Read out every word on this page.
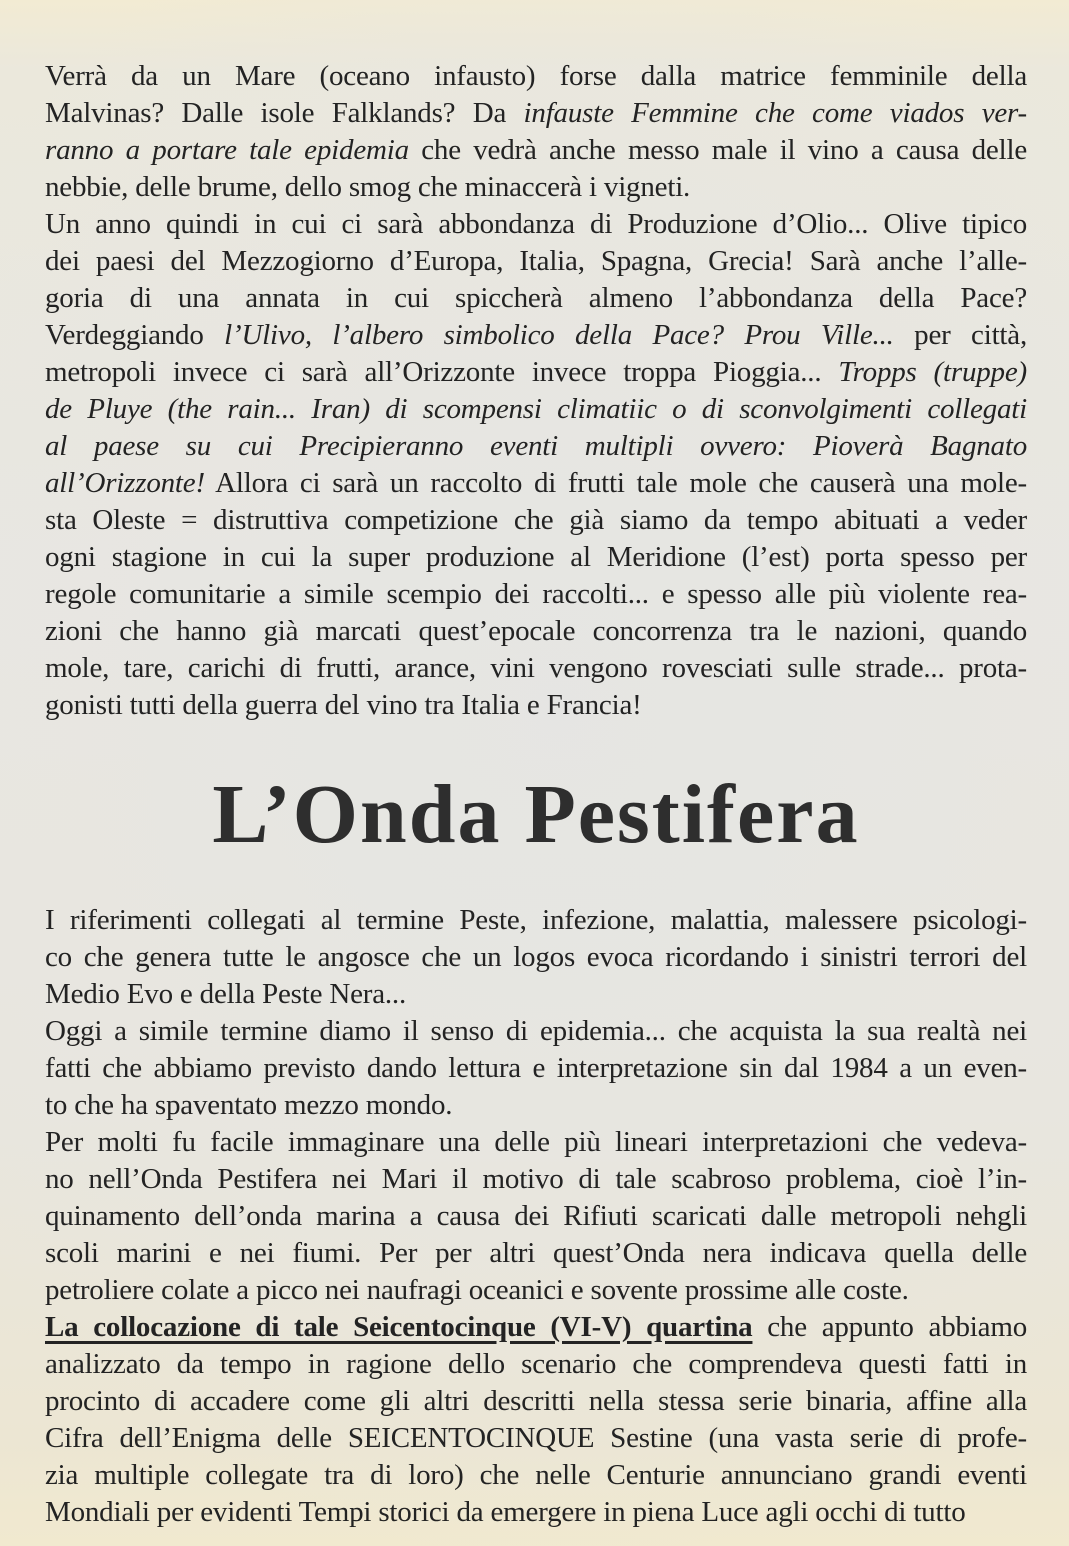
Verrà da un Mare (oceano infausto) forse dalla matrice femminile della
Malvinas? Dalle isole Falklands? Da infauste Femmine che come viados ver-
ranno a portare tale epidemia che vedrà anche messo male il vino a causa delle
nebbie, delle brume, dello smog che minaccerà i vigneti.
Un anno quindi in cui ci sarà abbondanza di Produzione d’Olio... Olive tipico
dei paesi del Mezzogiorno d’Europa, Italia, Spagna, Grecia! Sarà anche l’alle-
goria di una annata in cui spiccherà almeno l’abbondanza della Pace?
Verdeggiando l’Ulivo, l’albero simbolico della Pace? Prou Ville... per città,
metropoli invece ci sarà all’Orizzonte invece troppa Pioggia... Tropps (truppe)
de Pluye (the rain... Iran) di scompensi climatiic o di sconvolgimenti collegati
al paese su cui Precipieranno eventi multipli ovvero: Pioverà Bagnato
all’Orizzonte! Allora ci sarà un raccolto di frutti tale mole che causerà una mole-
sta Oleste = distruttiva competizione che già siamo da tempo abituati a veder
ogni stagione in cui la super produzione al Meridione (l’est) porta spesso per
regole comunitarie a simile scempio dei raccolti... e spesso alle più violente rea-
zioni che hanno già marcati quest’epocale concorrenza tra le nazioni, quando
mole, tare, carichi di frutti, arance, vini vengono rovesciati sulle strade... prota-
gonisti tutti della guerra del vino tra Italia e Francia!
L’Onda Pestifera
I riferimenti collegati al termine Peste, infezione, malattia, malessere psicologi-
co che genera tutte le angosce che un logos evoca ricordando i sinistri terrori del
Medio Evo e della Peste Nera...
Oggi a simile termine diamo il senso di epidemia... che acquista la sua realtà nei
fatti che abbiamo previsto dando lettura e interpretazione sin dal 1984 a un even-
to che ha spaventato mezzo mondo.
Per molti fu facile immaginare una delle più lineari interpretazioni che vedeva-
no nell’Onda Pestifera nei Mari il motivo di tale scabroso problema, cioè l’in-
quinamento dell’onda marina a causa dei Rifiuti scaricati dalle metropoli nehgli
scoli marini e nei fiumi. Per per altri quest’Onda nera indicava quella delle
petroliere colate a picco nei naufragi oceanici e sovente prossime alle coste.
La collocazione di tale Seicentocinque (VI-V) quartina che appunto abbiamo
analizzato da tempo in ragione dello scenario che comprendeva questi fatti in
procinto di accadere come gli altri descritti nella stessa serie binaria, affine alla
Cifra dell’Enigma delle SEICENTOCINQUE Sestine (una vasta serie di profe-
zia multiple collegate tra di loro) che nelle Centurie annunciano grandi eventi
Mondiali per evidenti Tempi storici da emergere in piena Luce agli occhi di tutto
